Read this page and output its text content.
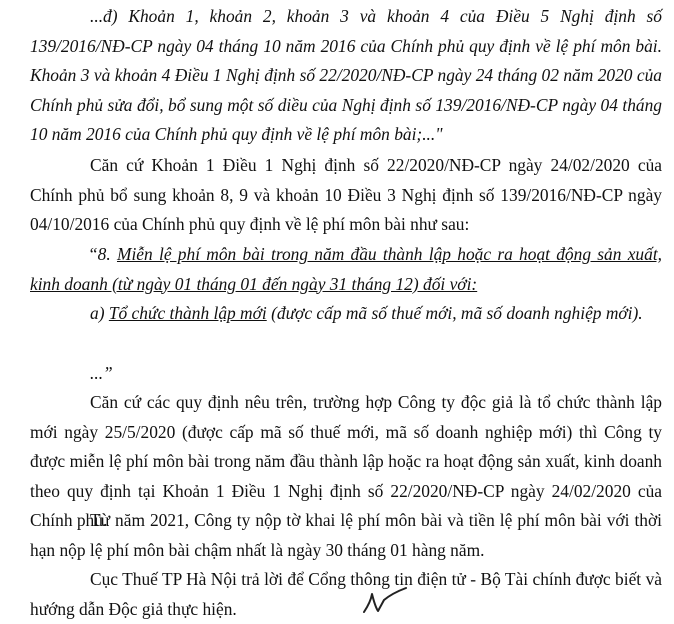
...đ) Khoản 1, khoản 2, khoản 3 và khoản 4 của Điều 5 Nghị định số 139/2016/NĐ-CP ngày 04 tháng 10 năm 2016 của Chính phủ quy định về lệ phí môn bài. Khoản 3 và khoản 4 Điều 1 Nghị định số 22/2020/NĐ-CP ngày 24 tháng 02 năm 2020 của Chính phủ sửa đổi, bổ sung một số diều của Nghị định số 139/2016/NĐ-CP ngày 04 tháng 10 năm 2016 của Chính phủ quy định về lệ phí môn bài;..."

Căn cứ Khoản 1 Điều 1 Nghị định số 22/2020/NĐ-CP ngày 24/02/2020 của Chính phủ bổ sung khoản 8, 9 và khoản 10 Điều 3 Nghị định số 139/2016/NĐ-CP ngày 04/10/2016 của Chính phủ quy định về lệ phí môn bài như sau:

“8. Miễn lệ phí môn bài trong năm đầu thành lập hoặc ra hoạt động sản xuất, kinh doanh (từ ngày 01 tháng 01 đến ngày 31 tháng 12) đối với:

a) Tổ chức thành lập mới (được cấp mã số thuế mới, mã số doanh nghiệp mới).

...”

Căn cứ các quy định nêu trên, trường hợp Công ty độc giả là tổ chức thành lập mới ngày 25/5/2020 (được cấp mã số thuế mới, mã số doanh nghiệp mới) thì Công ty được miễn lệ phí môn bài trong năm đầu thành lập hoặc ra hoạt động sản xuất, kinh doanh theo quy định tại Khoản 1 Điều 1 Nghị định số 22/2020/NĐ-CP ngày 24/02/2020 của Chính phủ.

Từ năm 2021, Công ty nộp tờ khai lệ phí môn bài và tiền lệ phí môn bài với thời hạn nộp lệ phí môn bài chậm nhất là ngày 30 tháng 01 hàng năm.

Cục Thuế TP Hà Nội trả lời để Cổng thông tin điện tử - Bộ Tài chính được biết và hướng dẫn Độc giả thực hiện.
